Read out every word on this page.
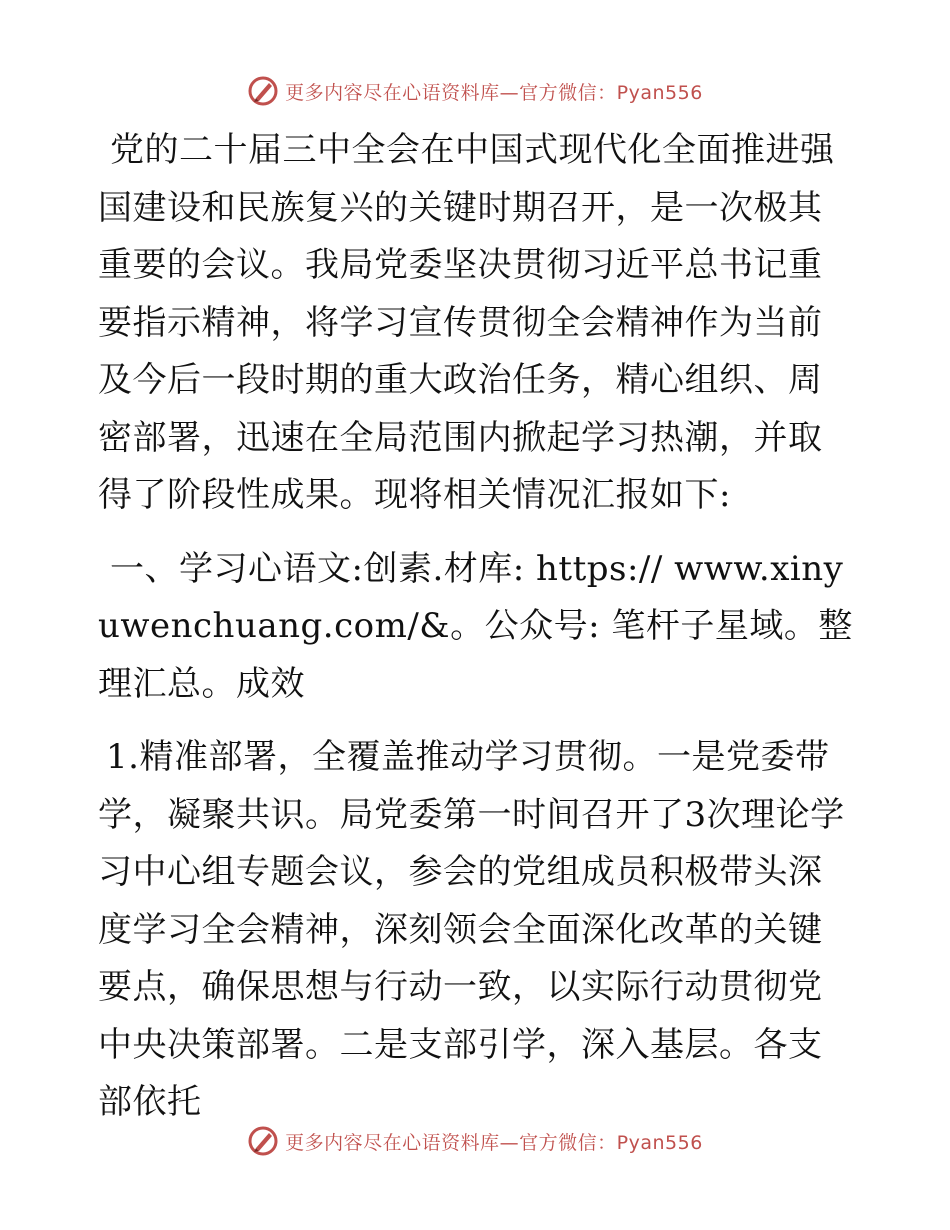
更多内容尽在心语资料库—官方微信：Pyan556

党的二十届三中全会在中国式现代化全面推进强国建设和民族复兴的关键时期召开，是一次极其重要的会议。我局党委坚决贯彻习近平总书记重要指示精神，将学习宣传贯彻全会精神作为当前及今后一段时期的重大政治任务，精心组织、周密部署，迅速在全局范围内掀起学习热潮，并取得了阶段性成果。现将相关情况汇报如下:

一、学习心语文:创素.材库: https:// www.xinyuwenchuang.com/&。公众号: 笔杆子星域。整理汇总。成效

1.精准部署，全覆盖推动学习贯彻。一是党委带学，凝聚共识。局党委第一时间召开了3次理论学习中心组专题会议，参会的党组成员积极带头深度学习全会精神，深刻领会全面深化改革的关键要点，确保思想与行动一致，以实际行动贯彻党中央决策部署。二是支部引学，深入基层。各支部依托

更多内容尽在心语资料库—官方微信：Pyan556
